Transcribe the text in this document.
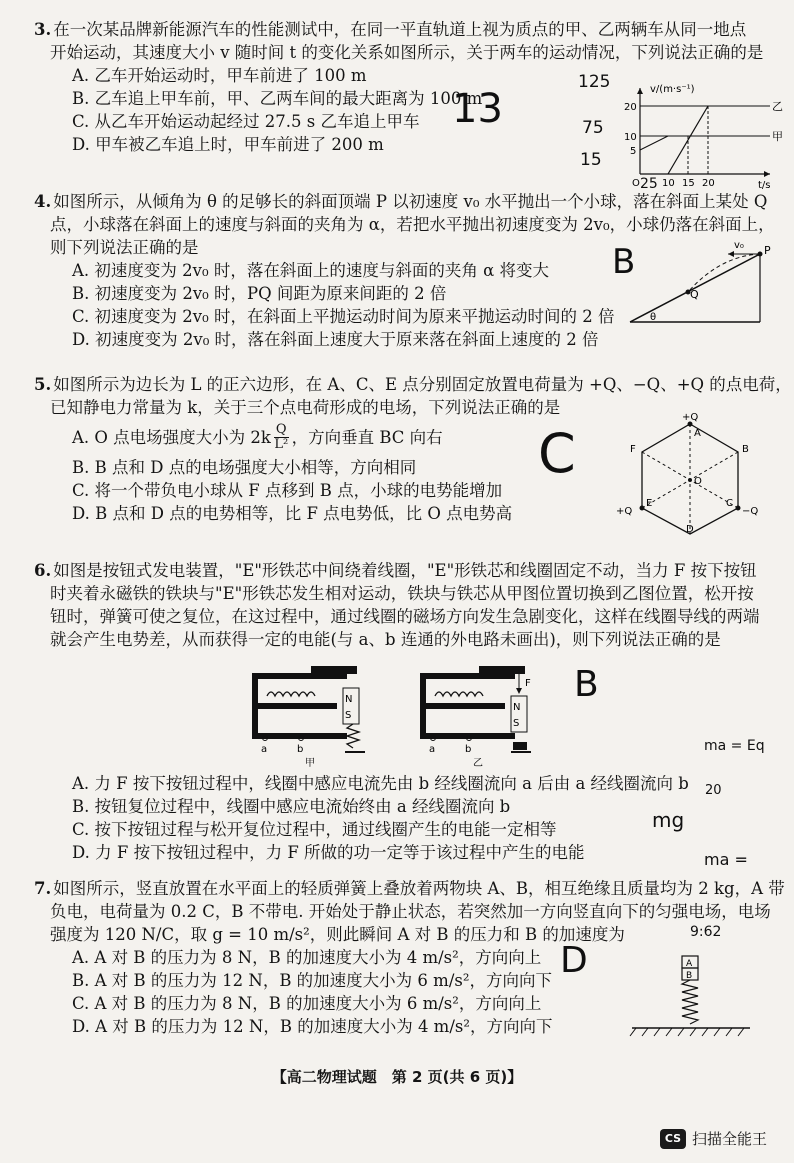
3. 在一次某品牌新能源汽车的性能测试中，在同一平直轨道上视为质点的甲、乙两辆车从同一地点
开始运动，其速度大小 v 随时间 t 的变化关系如图所示，关于两车的运动情况，下列说法正确的是

A. 乙车开始运动时，甲车前进了 100 m
B. 乙车追上甲车前，甲、乙两车间的最大距离为 100 m
C. 从乙车开始运动起经过 27.5 s 乙车追上甲车
D. 甲车被乙车追上时，甲车前进了 200 m
v/(m·s⁻¹)
t/s
乙
甲
20
10
5
O 10 15 20

4. 如图所示，从倾角为 θ 的足够长的斜面顶端 P 以初速度 v₀ 水平抛出一个小球，落在斜面上某处 Q
点，小球落在斜面上的速度与斜面的夹角为 α，若把水平抛出初速度变为 2v₀，小球仍落在斜面上，
则下列说法正确的是

A. 初速度变为 2v₀ 时，落在斜面上的速度与斜面的夹角 α 将变大
B. 初速度变为 2v₀ 时，PQ 间距为原来间距的 2 倍
C. 初速度变为 2v₀ 时，在斜面上平抛运动时间为原来平抛运动时间的 2 倍
D. 初速度变为 2v₀ 时，落在斜面上速度大于原来落在斜面上速度的 2 倍
v₀ P
Q
θ

5. 如图所示为边长为 L 的正六边形，在 A、C、E 点分别固定放置电荷量为 +Q、−Q、+Q 的点电荷，
已知静电力常量为 k，关于三个点电荷形成的电场，下列说法正确的是

A. O 点电场强度大小为 2k Q
L² ，方向垂直 BC 向右
B. B 点和 D 点的电场强度大小相等，方向相同
C. 将一个带负电小球从 F 点移到 B 点，小球的电势能增加
D. B 点和 D 点的电势相等，比 F 点电势低，比 O 点电势高
+Q
A
B
−Q
C
D
+Q
E
F
O

6. 如图是按钮式发电装置，"E"形铁芯中间绕着线圈，"E"形铁芯和线圈固定不动，当力 F 按下按钮
时夹着永磁铁的铁块与"E"形铁芯发生相对运动，铁块与铁芯从甲图位置切换到乙图位置，松开按
钮时，弹簧可使之复位，在这过程中，通过线圈的磁场方向发生急剧变化，这样在线圈导线的两端
就会产生电势差，从而获得一定的电能(与 a、b 连通的外电路未画出)，则下列说法正确的是

N
S
a	b
甲
N
S
F
a	b
乙
A. 力 F 按下按钮过程中，线圈中感应电流先由 b 经线圈流向 a 后由 a 经线圈流向 b
B. 按钮复位过程中，线圈中感应电流始终由 a 经线圈流向 b
C. 按下按钮过程与松开复位过程中，通过线圈产生的电能一定相等
D. 力 F 按下按钮过程中，力 F 所做的功一定等于该过程中产生的电能

7. 如图所示，竖直放置在水平面上的轻质弹簧上叠放着两物块 A、B，相互绝缘且质量均为 2 kg，A 带
负电，电荷量为 0.2 C，B 不带电. 开始处于静止状态，若突然加一方向竖直向下的匀强电场，电场
强度为 120 N/C，取 g = 10 m/s²，则此瞬间 A 对 B 的压力和 B 的加速度为

A. A 对 B 的压力为 8 N，B 的加速度大小为 4 m/s²，方向向上
B. A 对 B 的压力为 12 N，B 的加速度大小为 6 m/s²，方向向下
C. A 对 B 的压力为 8 N，B 的加速度大小为 6 m/s²，方向向上
D. A 对 B 的压力为 12 N，B 的加速度大小为 4 m/s²，方向向下
A
B
13
125
75
15
25
B
C
B
ma = Eq
20
mg
ma =
9:62
D
【高二物理试题　第 2 页(共 6 页)】
CS 扫描全能王
